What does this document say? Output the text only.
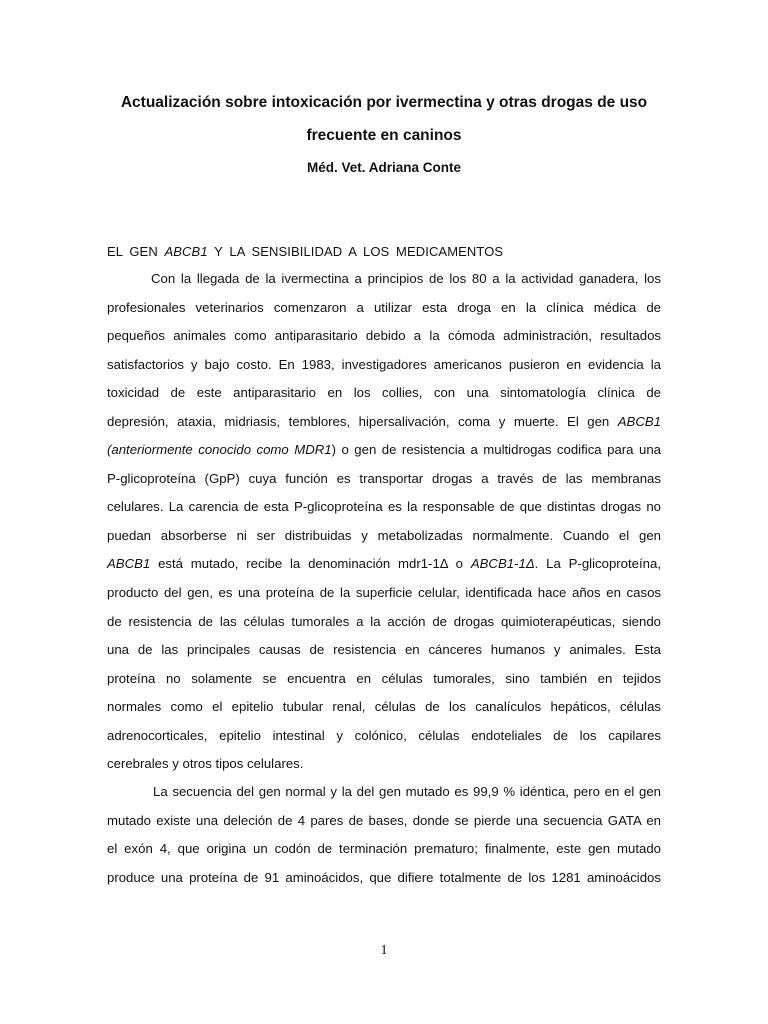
Actualización sobre intoxicación por ivermectina y otras drogas de uso
frecuente en caninos
Méd. Vet. Adriana Conte
EL GEN ABCB1 Y LA SENSIBILIDAD A LOS MEDICAMENTOS
Con la llegada de la ivermectina a principios de los 80 a la actividad ganadera, los
profesionales veterinarios comenzaron a utilizar esta droga en la clínica médica de
pequeños animales como antiparasitario debido a la cómoda administración, resultados
satisfactorios y bajo costo. En 1983, investigadores americanos pusieron en evidencia la
toxicidad de este antiparasitario en los collies, con una sintomatología clínica de
depresión, ataxia, midriasis, temblores, hipersalivación, coma y muerte. El gen ABCB1
(anteriormente conocido como MDR1) o gen de resistencia a multidrogas codifica para una
P-glicoproteína (GpP) cuya función es transportar drogas a través de las membranas
celulares. La carencia de esta P-glicoproteína es la responsable de que distintas drogas no
puedan absorberse ni ser distribuidas y metabolizadas normalmente. Cuando el gen
ABCB1 está mutado, recibe la denominación mdr1-1Δ o ABCB1-1Δ. La P-glicoproteína,
producto del gen, es una proteína de la superficie celular, identificada hace años en casos
de resistencia de las células tumorales a la acción de drogas quimioterapéuticas, siendo
una de las principales causas de resistencia en cánceres humanos y animales. Esta
proteína no solamente se encuentra en células tumorales, sino también en tejidos
normales como el epitelio tubular renal, células de los canalículos hepáticos, células
adrenocorticales, epitelio intestinal y colónico, células endoteliales de los capilares
cerebrales y otros tipos celulares.
La secuencia del gen normal y la del gen mutado es 99,9 % idéntica, pero en el gen
mutado existe una deleción de 4 pares de bases, donde se pierde una secuencia GATA en
el exón 4, que origina un codón de terminación prematuro; finalmente, este gen mutado
produce una proteína de 91 aminoácidos, que difiere totalmente de los 1281 aminoácidos
1
